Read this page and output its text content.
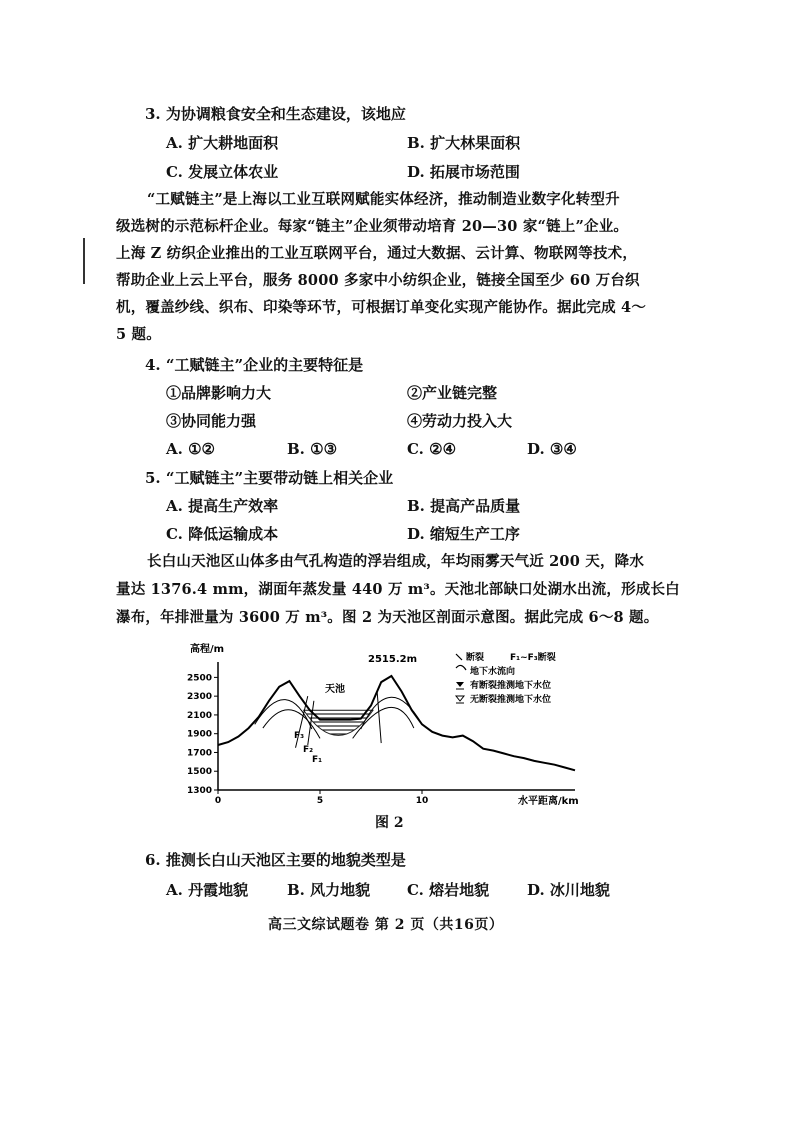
3. 为协调粮食安全和生态建设，该地应
A. 扩大耕地面积	B. 扩大林果面积
C. 发展立体农业	D. 拓展市场范围
“工赋链主”是上海以工业互联网赋能实体经济，推动制造业数字化转型升
级选树的示范标杆企业。每家“链主”企业须带动培育 20—30 家“链上”企业。
上海 Z 纺织企业推出的工业互联网平台，通过大数据、云计算、物联网等技术，
帮助企业上云上平台，服务 8000 多家中小纺织企业，链接全国至少 60 万台织
机，覆盖纱线、织布、印染等环节，可根据订单变化实现产能协作。据此完成 4～
5 题。
4. “工赋链主”企业的主要特征是
①品牌影响力大	②产业链完整
③协同能力强	④劳动力投入大
A. ①②	B. ①③	C. ②④	D. ③④
5. “工赋链主”主要带动链上相关企业
A. 提高生产效率	B. 提高产品质量
C. 降低运输成本	D. 缩短生产工序
长白山天池区山体多由气孔构造的浮岩组成，年均雨雾天气近 200 天，降水
量达 1376.4 mm，湖面年蒸发量 440 万 m³。天池北部缺口处湖水出流，形成长白
瀑布，年排泄量为 3600 万 m³。图 2 为天池区剖面示意图。据此完成 6～8 题。
1300
1500
1700
1900
2100
2300
2500
0	5	10
高程/m
水平距离/km
2515.2m
天池
F₁
F₂
F₃
断裂	F₁~F₃断裂
地下水流向
有断裂推测地下水位
无断裂推测地下水位
图 2
6. 推测长白山天池区主要的地貌类型是
A. 丹霞地貌	B. 风力地貌 C. 熔岩地貌	D. 冰川地貌
高三文综试题卷 第 2 页（共16页）
